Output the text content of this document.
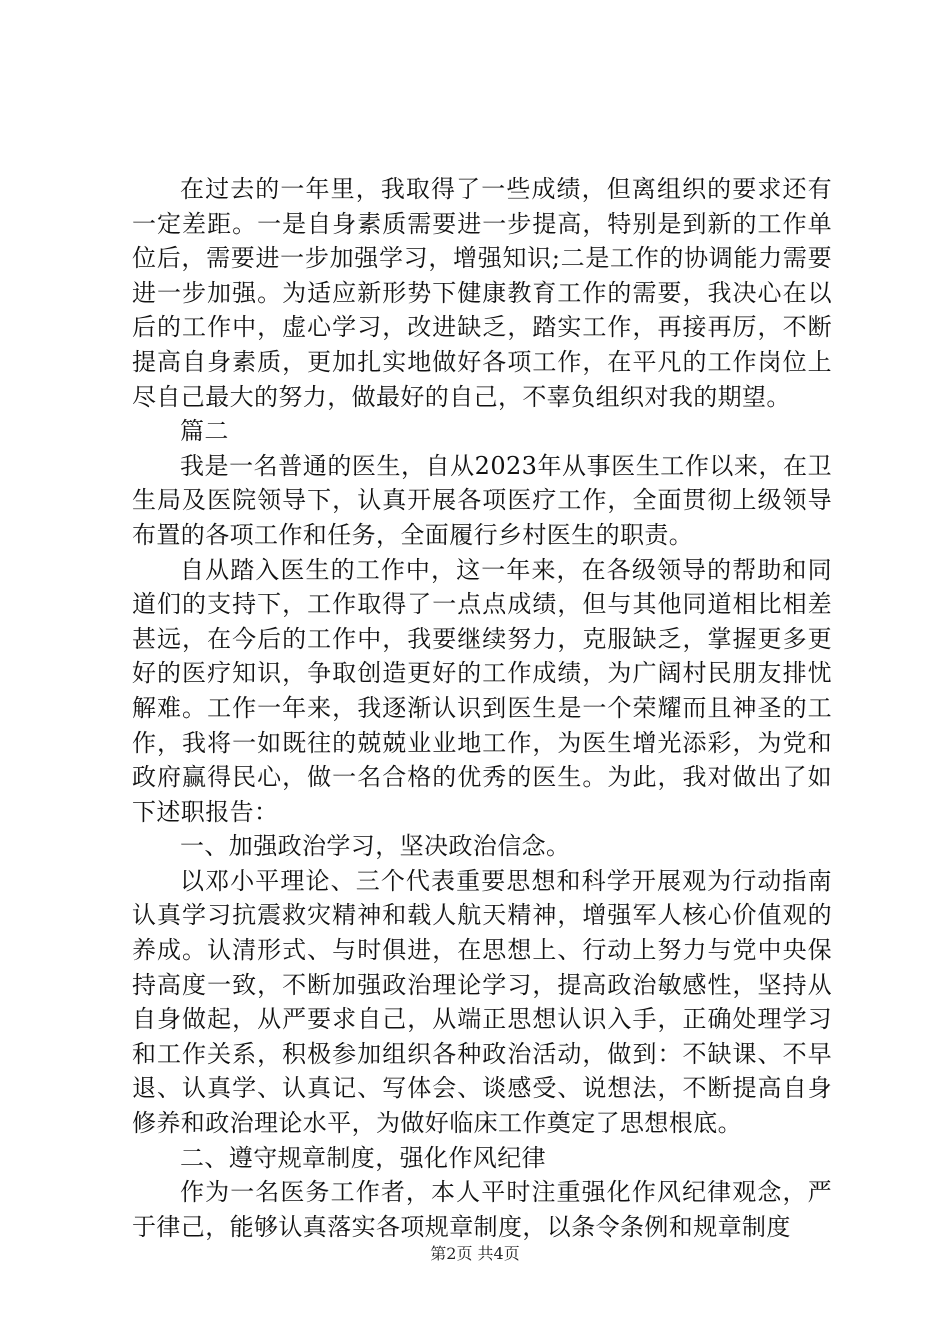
在过去的一年里，我取得了一些成绩，但离组织的要求还有一定差距。一是自身素质需要进一步提高，特别是到新的工作单位后，需要进一步加强学习，增强知识;二是工作的协调能力需要进一步加强。为适应新形势下健康教育工作的需要，我决心在以后的工作中，虚心学习，改进缺乏，踏实工作，再接再厉，不断提高自身素质，更加扎实地做好各项工作，在平凡的工作岗位上尽自己最大的努力，做最好的自己，不辜负组织对我的期望。

篇二

我是一名普通的医生，自从2023年从事医生工作以来，在卫生局及医院领导下，认真开展各项医疗工作，全面贯彻上级领导布置的各项工作和任务，全面履行乡村医生的职责。

自从踏入医生的工作中，这一年来，在各级领导的帮助和同道们的支持下，工作取得了一点点成绩，但与其他同道相比相差甚远，在今后的工作中，我要继续努力，克服缺乏，掌握更多更好的医疗知识，争取创造更好的工作成绩，为广阔村民朋友排忧解难。工作一年来，我逐渐认识到医生是一个荣耀而且神圣的工作，我将一如既往的兢兢业业地工作，为医生增光添彩，为党和政府赢得民心，做一名合格的优秀的医生。为此，我对做出了如下述职报告：

一、加强政治学习，坚决政治信念。

以邓小平理论、三个代表重要思想和科学开展观为行动指南认真学习抗震救灾精神和载人航天精神，增强军人核心价值观的养成。认清形式、与时俱进，在思想上、行动上努力与党中央保持高度一致，不断加强政治理论学习，提高政治敏感性，坚持从自身做起，从严要求自己，从端正思想认识入手，正确处理学习和工作关系，积极参加组织各种政治活动，做到：不缺课、不早退、认真学、认真记、写体会、谈感受、说想法，不断提高自身修养和政治理论水平，为做好临床工作奠定了思想根底。

二、遵守规章制度，强化作风纪律

作为一名医务工作者，本人平时注重强化作风纪律观念，严于律己，能够认真落实各项规章制度，以条令条例和规章制度

第2页 共4页
